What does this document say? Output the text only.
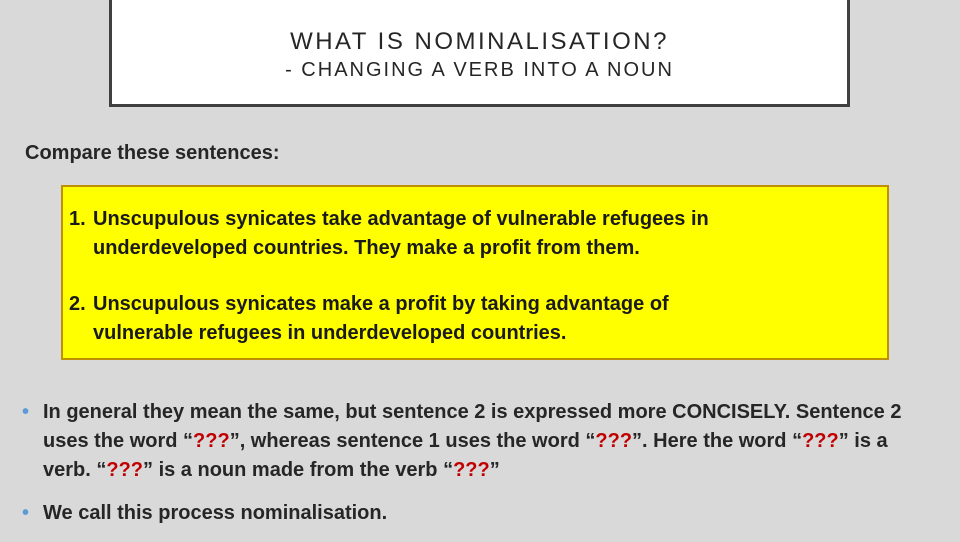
WHAT IS NOMINALISATION?
- CHANGING A VERB INTO A NOUN
Compare these sentences:
1. Unscupulous synicates take advantage of vulnerable refugees in
underdeveloped countries. They make a profit from them.
2. Unscupulous synicates make a profit by taking advantage of
vulnerable refugees in underdeveloped countries.
• In general they mean the same, but sentence 2 is expressed more CONCISELY. Sentence 2 uses the word “???”, whereas sentence 1 uses the word “???”. Here the word “???” is a verb. “???” is a noun made from the verb “???”
• We call this process nominalisation.
